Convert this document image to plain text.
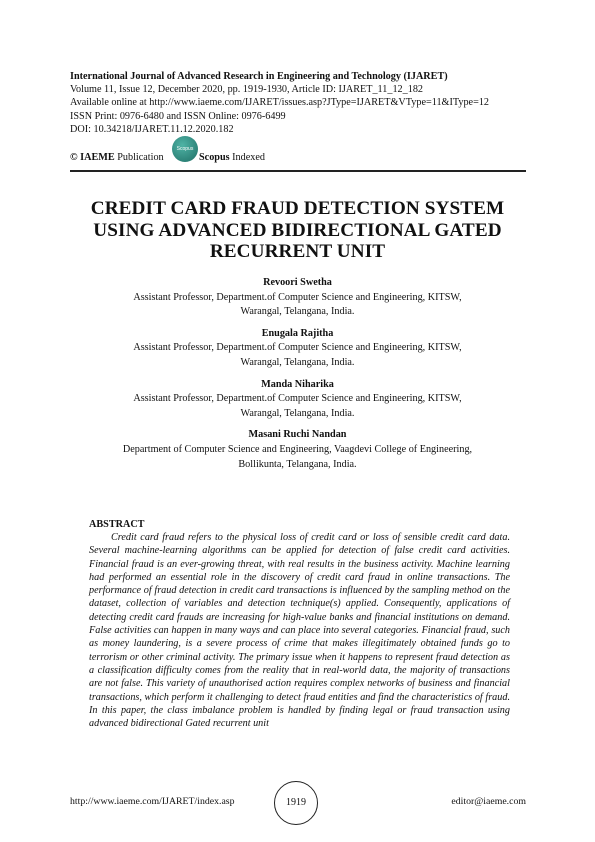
International Journal of Advanced Research in Engineering and Technology (IJARET)
Volume 11, Issue 12, December 2020, pp. 1919-1930, Article ID: IJARET_11_12_182
Available online at http://www.iaeme.com/IJARET/issues.asp?JType=IJARET&VType=11&IType=12
ISSN Print: 0976-6480 and ISSN Online: 0976-6499
DOI: 10.34218/IJARET.11.12.2020.182
© IAEME Publication
Scopus
Scopus Indexed
CREDIT CARD FRAUD DETECTION SYSTEM
USING ADVANCED BIDIRECTIONAL GATED
RECURRENT UNIT
Revoori Swetha
Assistant Professor, Department.of Computer Science and Engineering, KITSW,
Warangal, Telangana, India.
Enugala Rajitha
Assistant Professor, Department.of Computer Science and Engineering, KITSW,
Warangal, Telangana, India.
Manda Niharika
Assistant Professor, Department.of Computer Science and Engineering, KITSW,
Warangal, Telangana, India.
Masani Ruchi Nandan
Department of Computer Science and Engineering, Vaagdevi College of Engineering,
Bollikunta, Telangana, India.
ABSTRACT
Credit card fraud refers to the physical loss of credit card or loss of sensible credit card data. Several machine-learning algorithms can be applied for detection of false credit card activities. Financial fraud is an ever-growing threat, with real results in the business activity. Machine learning had performed an essential role in the discovery of credit card fraud in online transactions. The performance of fraud detection in credit card transactions is influenced by the sampling method on the dataset, collection of variables and detection technique(s) applied. Consequently, applications of detecting credit card frauds are increasing for high-value banks and financial institutions on demand. False activities can happen in many ways and can place into several categories. Financial fraud, such as money laundering, is a severe process of crime that makes illegitimately obtained funds go to terrorism or other criminal activity. The primary issue when it happens to represent fraud detection as a classification difficulty comes from the reality that in real-world data, the majority of transactions are not false. This variety of unauthorised action requires complex networks of business and financial transactions, which perform it challenging to detect fraud entities and find the characteristics of fraud. In this paper, the class imbalance problem is handled by finding legal or fraud transaction using advanced bidirectional Gated recurrent unit
http://www.iaeme.com/IJARET/index.asp	1919	editor@iaeme.com
